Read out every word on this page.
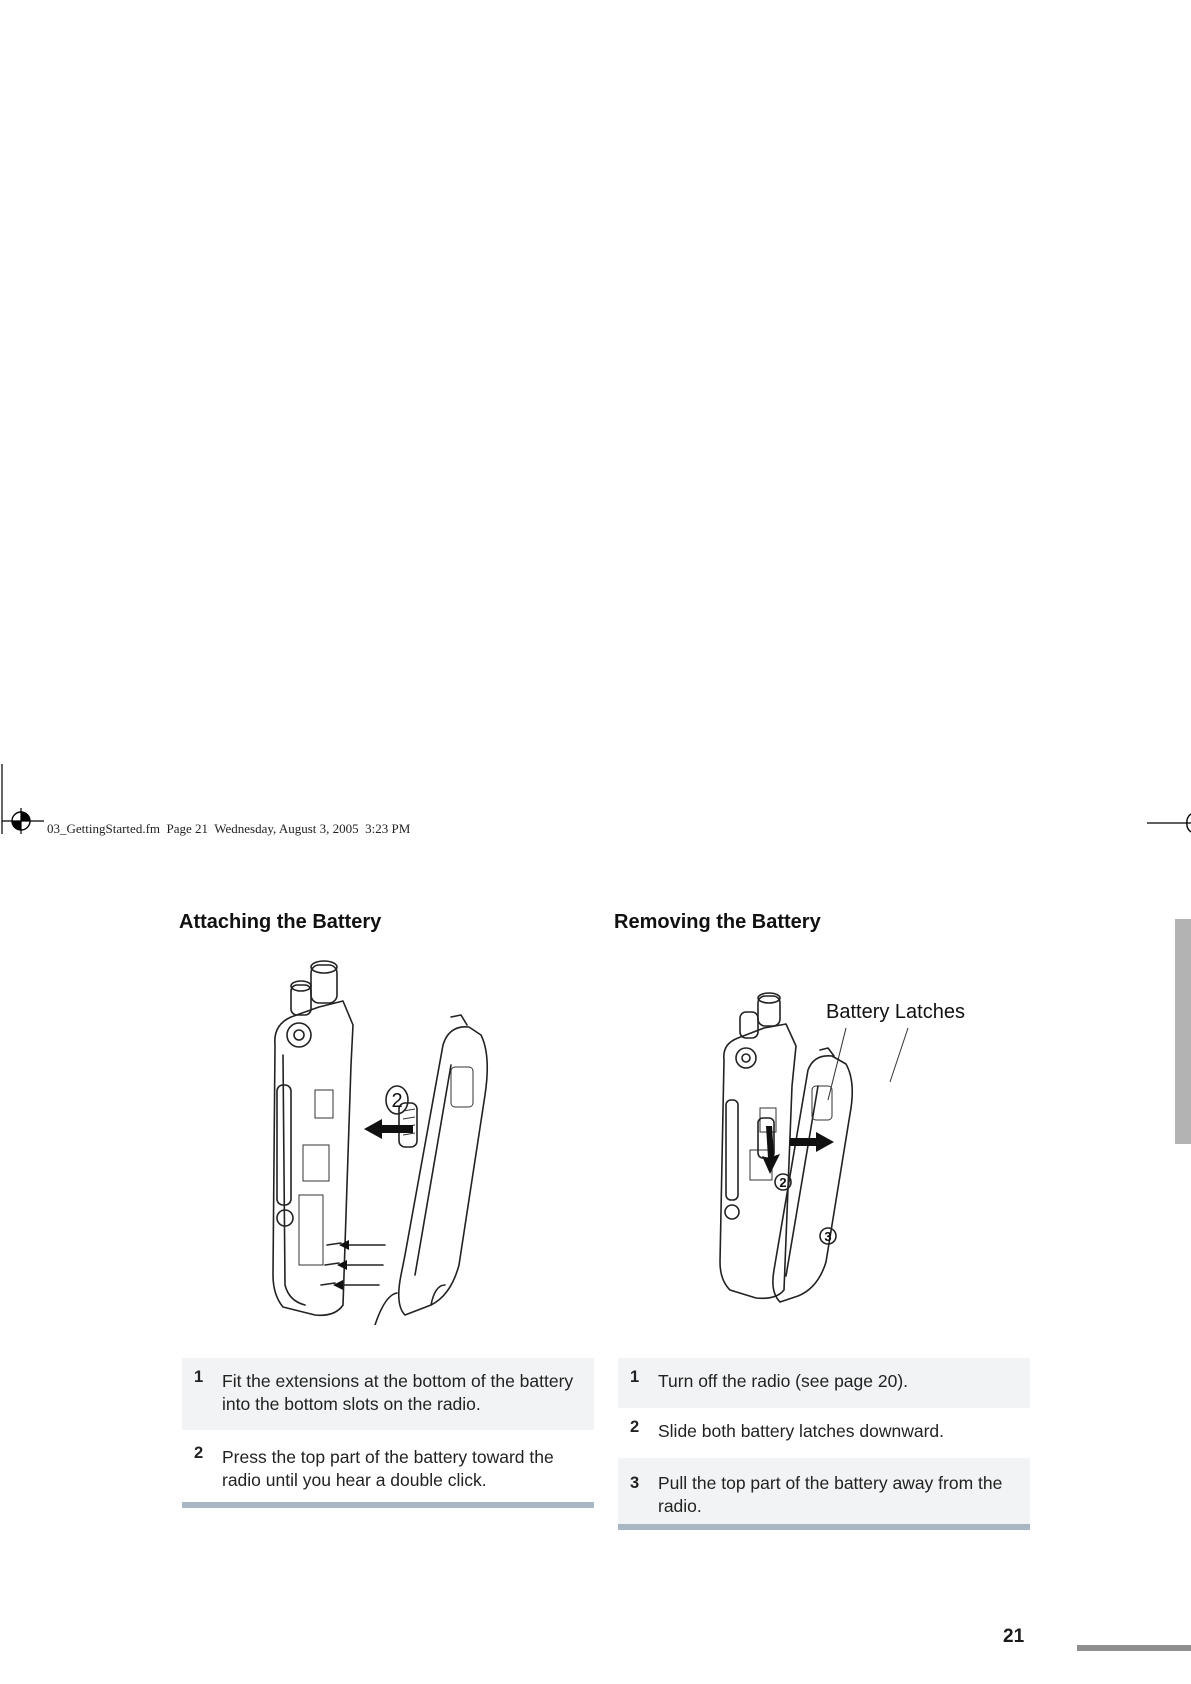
03_GettingStarted.fm  Page 21  Wednesday, August 3, 2005  3:23 PM
Attaching the Battery	Removing the Battery
2
Battery Latches
2
3
1	Fit the extensions at the bottom of the battery into the bottom slots on the radio.
2	Press the top part of the battery toward the radio until you hear a double click.
1	Turn off the radio (see page 20).
2	Slide both battery latches downward.
3	Pull the top part of the battery away from the radio.
21
